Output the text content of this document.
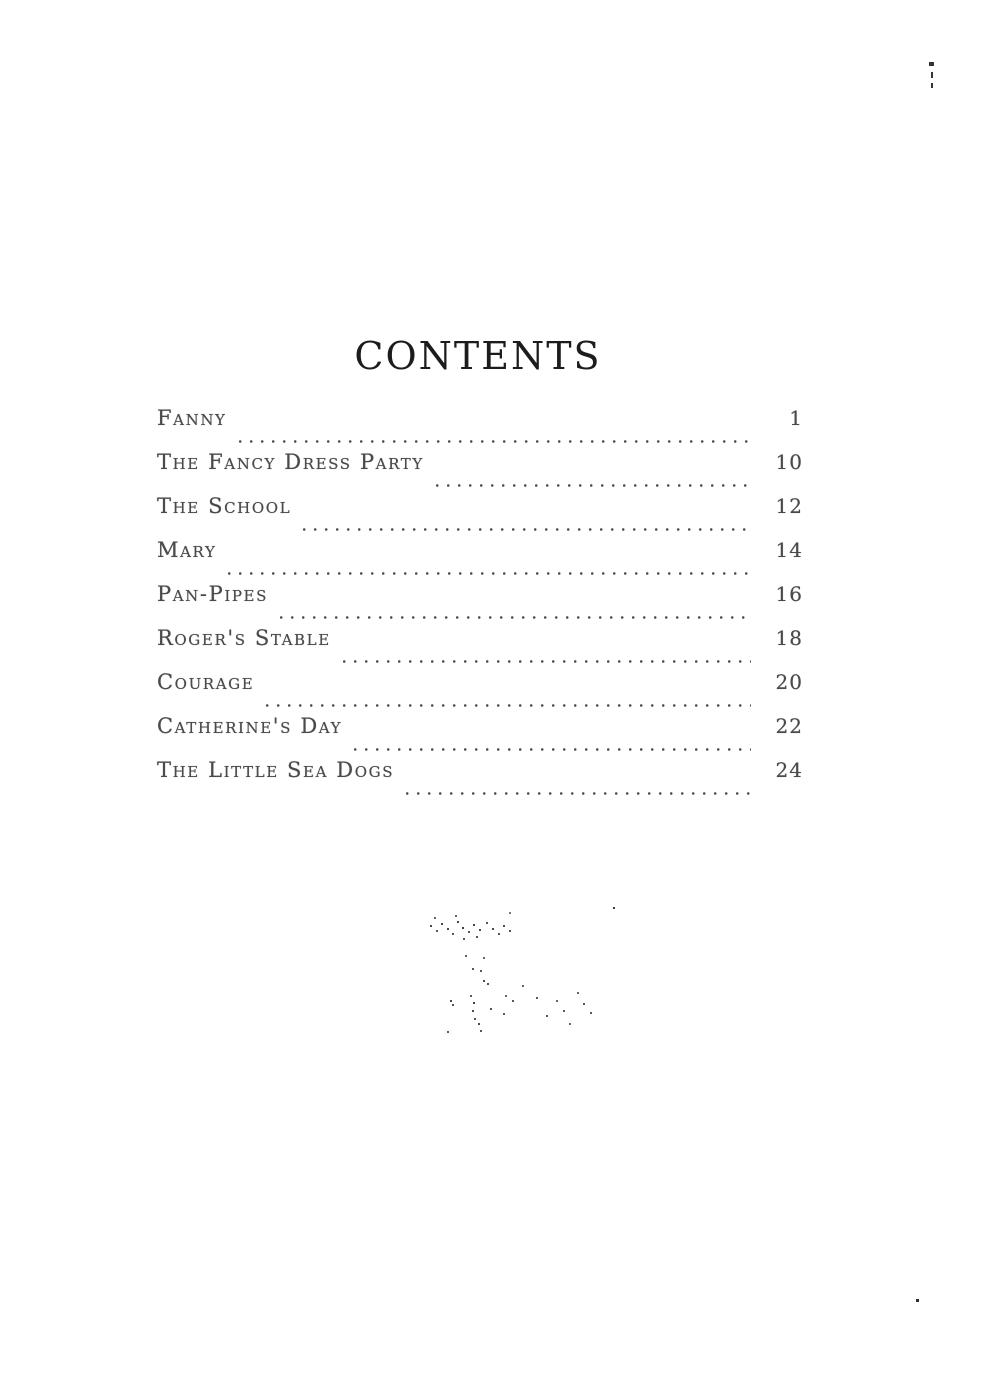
CONTENTS
Fanny	1
The Fancy Dress Party	10
The School	12
Mary	14
Pan-Pipes	16
Roger's Stable	18
Courage	20
Catherine's Day	22
The Little Sea Dogs	24
